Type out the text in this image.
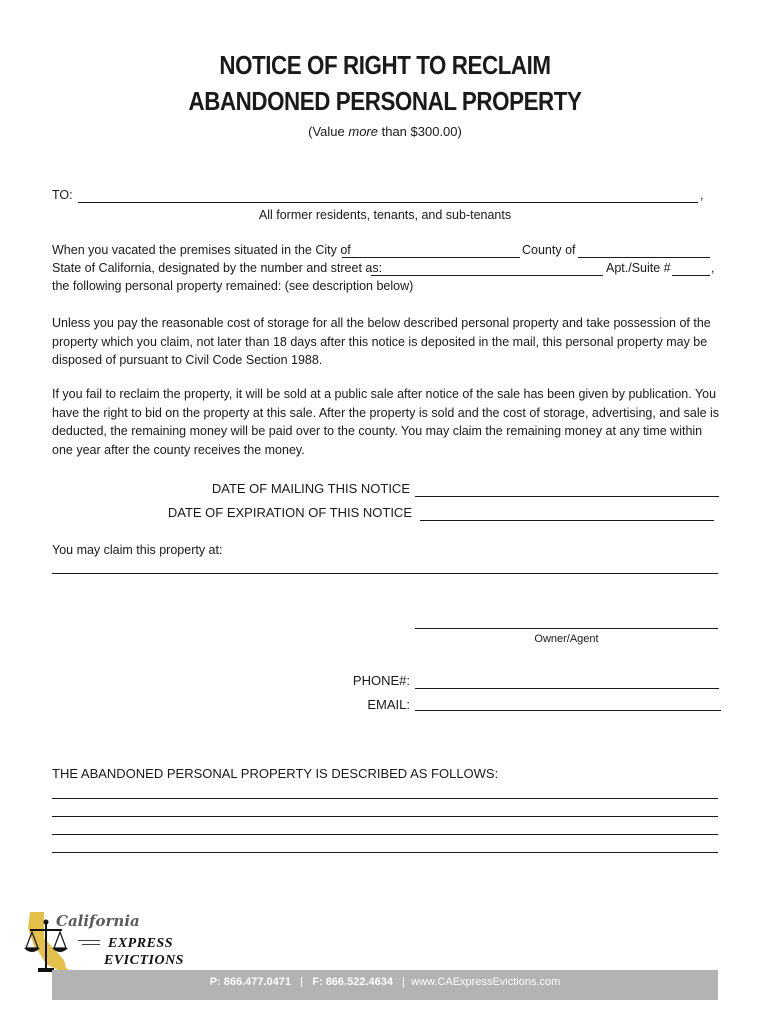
NOTICE OF RIGHT TO RECLAIM
ABANDONED PERSONAL PROPERTY
(Value more than $300.00)
TO:	,
All former residents, tenants, and sub-tenants
When you vacated the premises situated in the City of	County of
State of California, designated by the number and street as:	Apt./Suite #	,
the following personal property remained: (see description below)
Unless you pay the reasonable cost of storage for all the below described personal property and take possession of the property which you claim, not later than 18 days after this notice is deposited in the mail, this personal property may be disposed of pursuant to Civil Code Section 1988.
If you fail to reclaim the property, it will be sold at a public sale after notice of the sale has been given by publication. You have the right to bid on the property at this sale. After the property is sold and the cost of storage, advertising, and sale is deducted, the remaining money will be paid over to the county. You may claim the remaining money at any time within one year after the county receives the money.
DATE OF MAILING THIS NOTICE
DATE OF EXPIRATION OF THIS NOTICE
You may claim this property at:
Owner/Agent
PHONE#:
EMAIL:
THE ABANDONED PERSONAL PROPERTY IS DESCRIBED AS FOLLOWS:
California
EXPRESS
EVICTIONS
P: 866.477.0471 | F: 866.522.4634 | www.CAExpressEvictions.com
